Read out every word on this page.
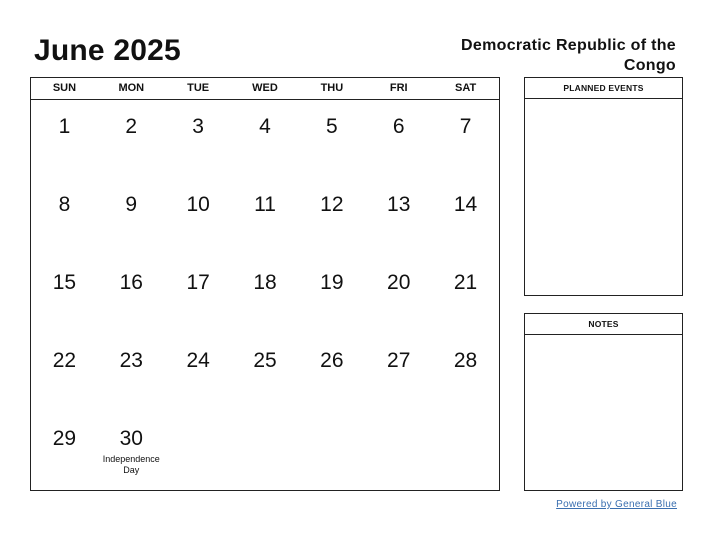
June 2025	Democratic Republic of the Congo
SUN	MON	TUE	WED	THU	FRI	SAT
1	2	3	4	5	6	7
8	9	10	11	12	13	14
15	16	17	18	19	20	21
22	23	24	25	26	27	28
29	30
Independence Day
PLANNED EVENTS
NOTES
Powered by General Blue
